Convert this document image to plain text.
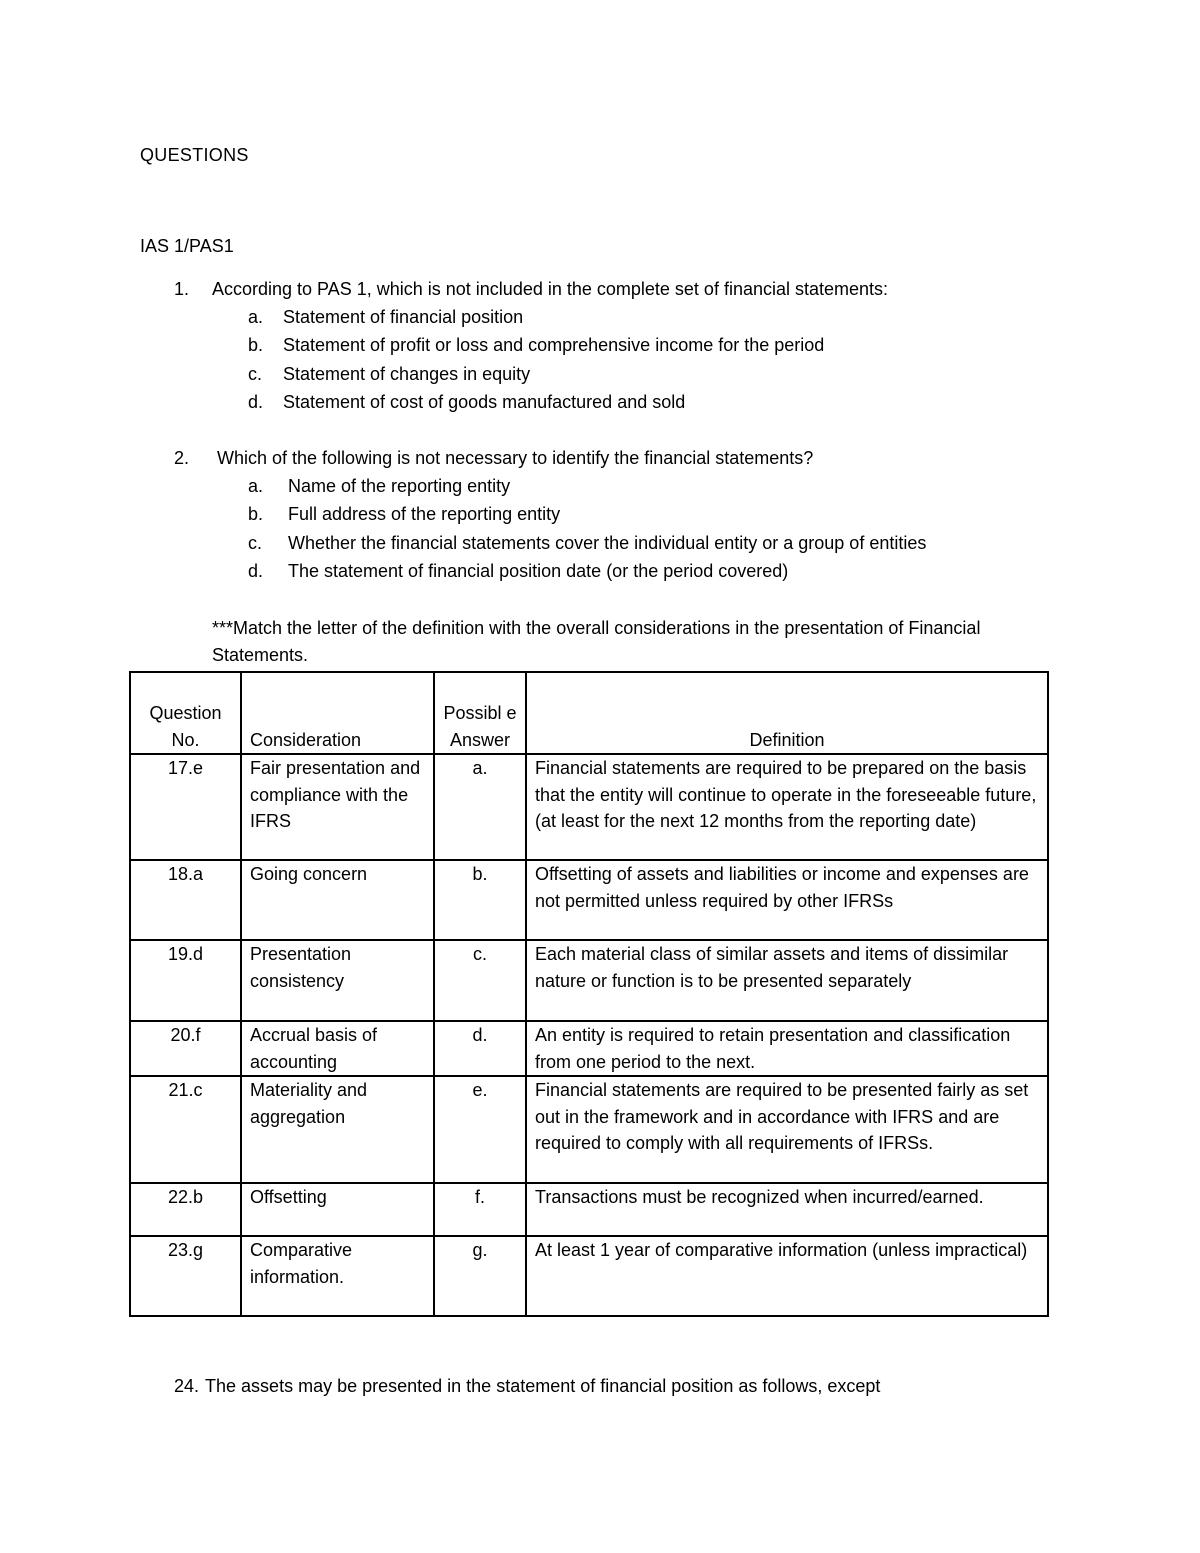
QUESTIONS
IAS 1/PAS1
1. According to PAS 1, which is not included in the complete set of financial statements:
a. Statement of financial position
b. Statement of profit or loss and comprehensive income for the period
c. Statement of changes in equity
d. Statement of cost of goods manufactured and sold
2. Which of the following is not necessary to identify the financial statements?
a. Name of the reporting entity
b. Full address of the reporting entity
c. Whether the financial statements cover the individual entity or a group of entities
d. The statement of financial position date (or the period covered)
***Match the letter of the definition with the overall considerations in the presentation of Financial Statements.
Question No.	Consideration	Possibl e Answer	Definition
17.e	Fair presentation and compliance with the IFRS	a.	Financial statements are required to be prepared on the basis that the entity will continue to operate in the foreseeable future, (at least for the next 12 months from the reporting date)
18.a	Going concern	b.	Offsetting of assets and liabilities or income and expenses are not permitted unless required by other IFRSs
19.d	Presentation consistency	c.	Each material class of similar assets and items of dissimilar nature or function is to be presented separately
20.f	Accrual basis of accounting	d.	An entity is required to retain presentation and classification from one period to the next.
21.c	Materiality and aggregation	e.	Financial statements are required to be presented fairly as set out in the framework and in accordance with IFRS and are required to comply with all requirements of IFRSs.
22.b	Offsetting	f.	Transactions must be recognized when incurred/earned.
23.g	Comparative information.	g.	At least 1 year of comparative information (unless impractical)
24. The assets may be presented in the statement of financial position as follows, except
